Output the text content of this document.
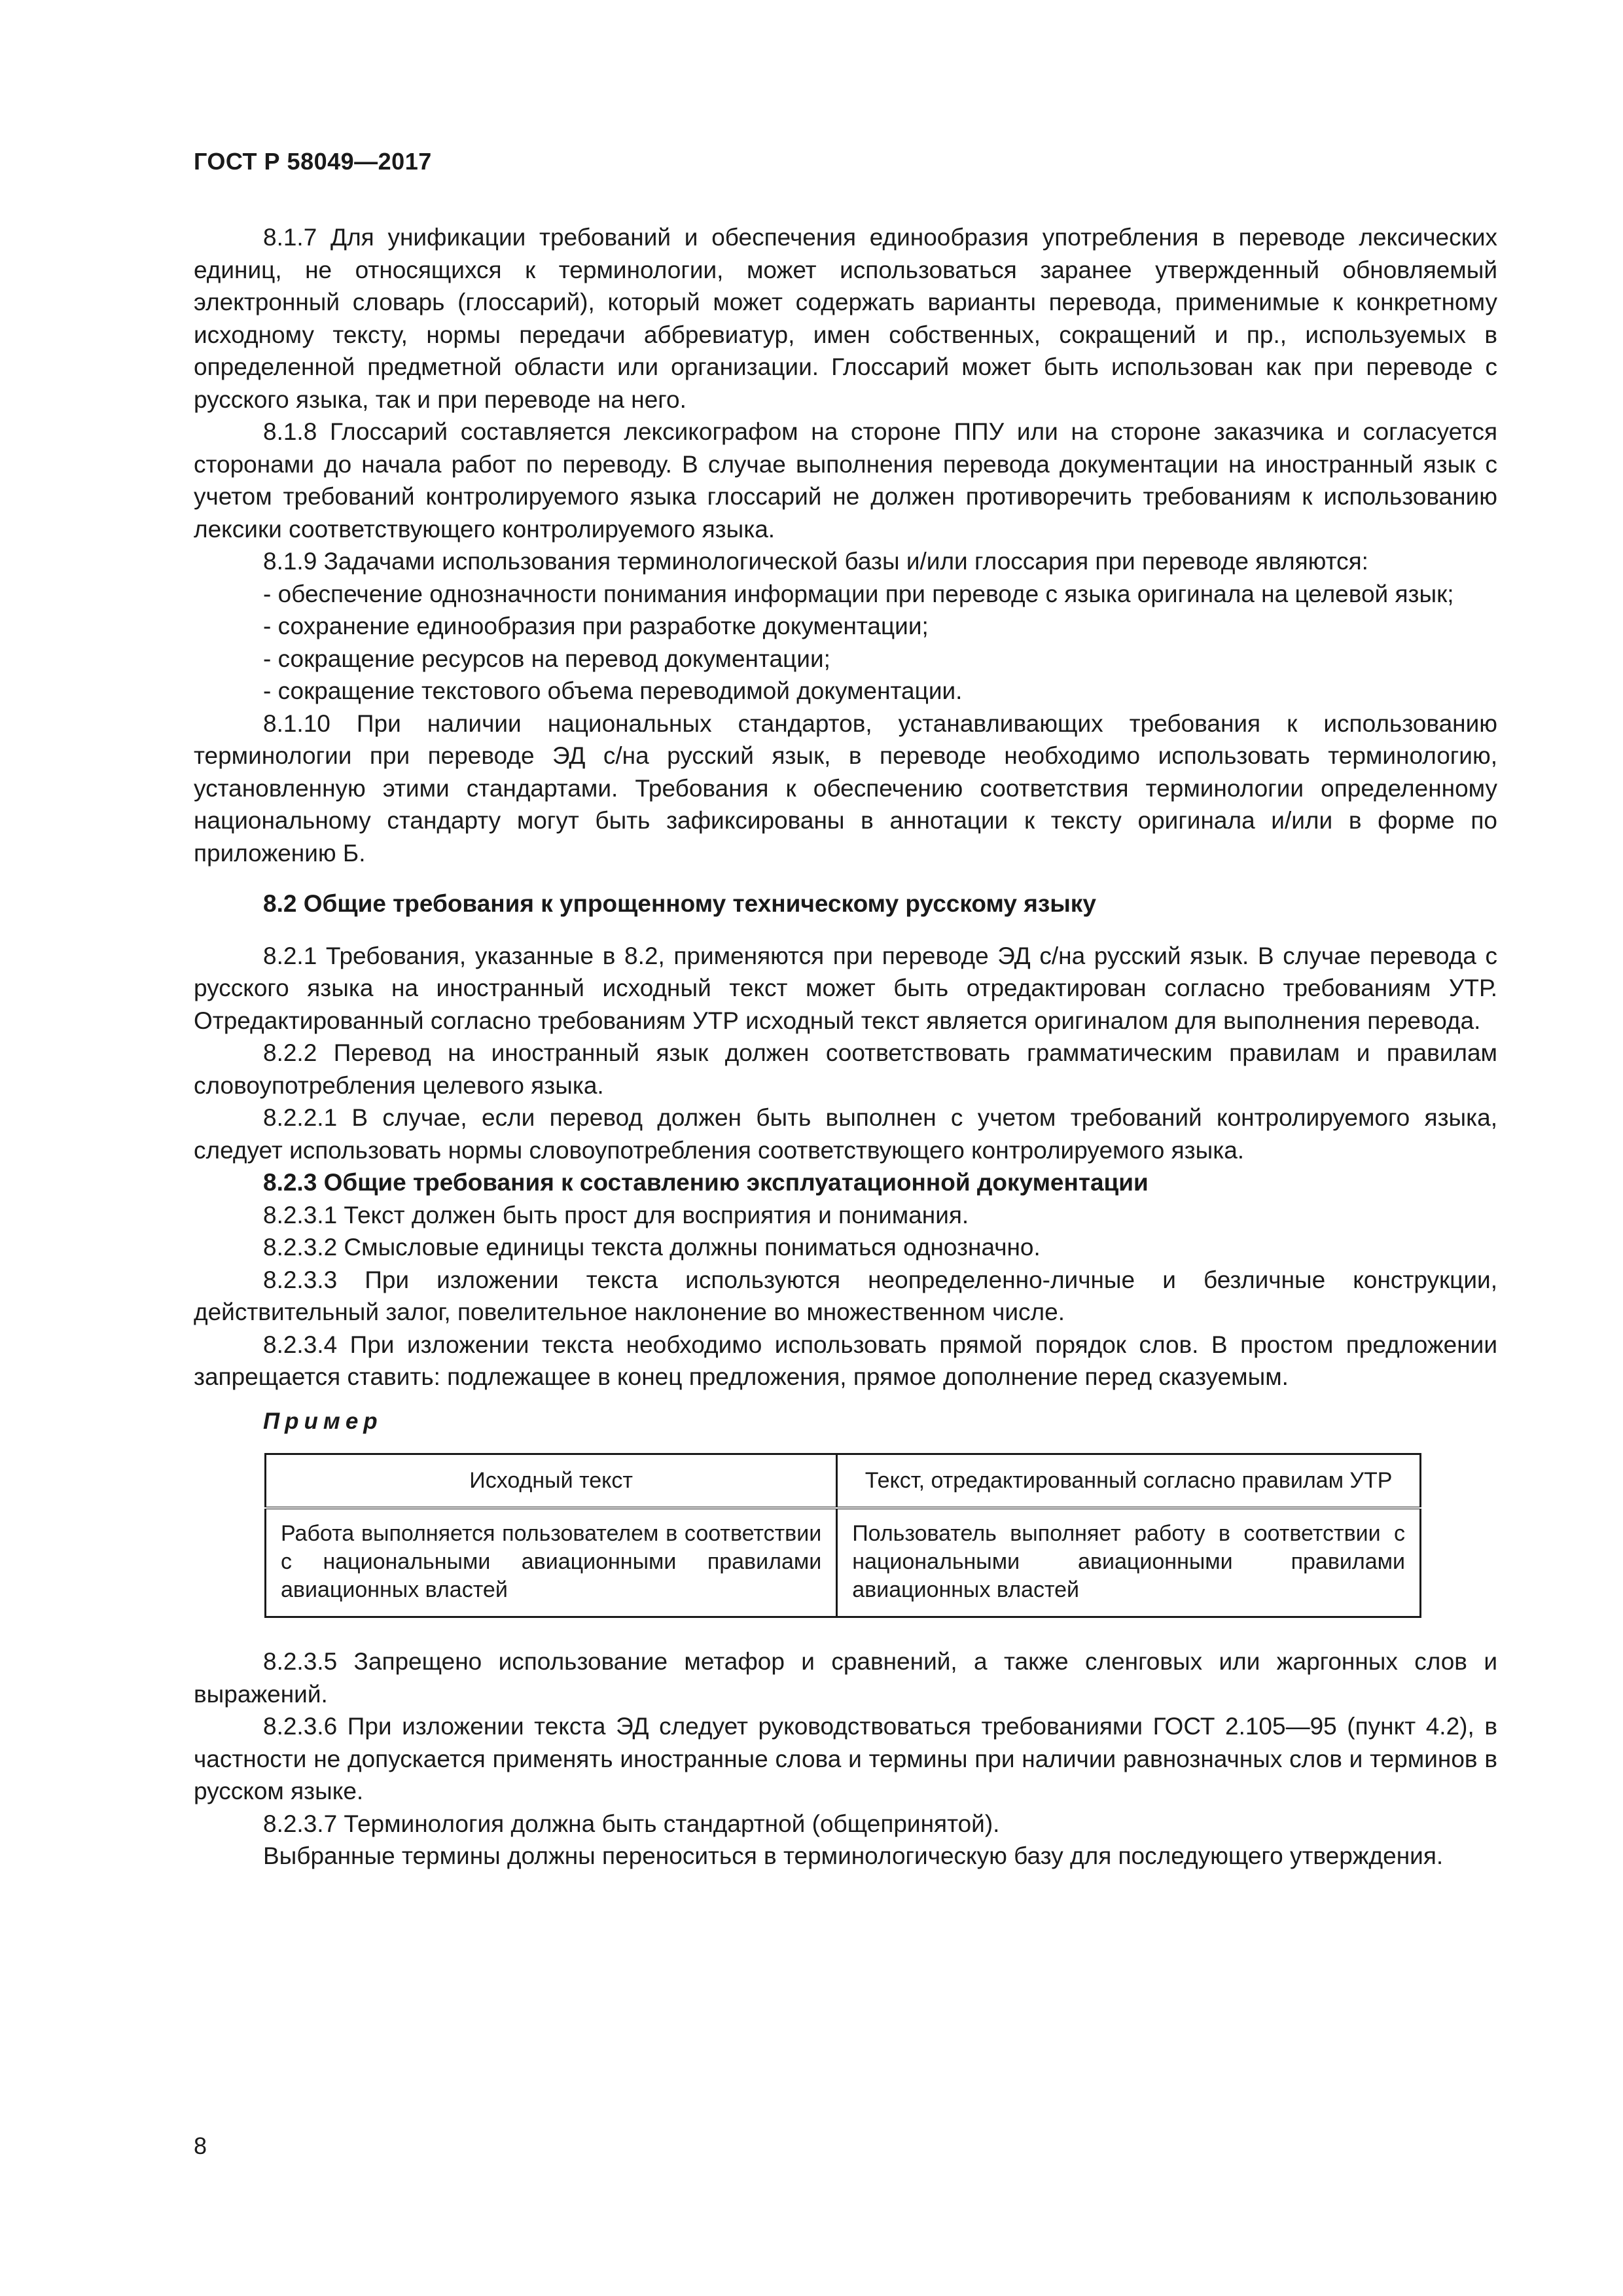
ГОСТ Р 58049—2017

8.1.7 Для унификации требований и обеспечения единообразия употребления в переводе лексических единиц, не относящихся к терминологии, может использоваться заранее утвержденный обновляемый электронный словарь (глоссарий), который может содержать варианты перевода, применимые к конкретному исходному тексту, нормы передачи аббревиатур, имен собственных, сокращений и пр., используемых в определенной предметной области или организации. Глоссарий может быть использован как при переводе с русского языка, так и при переводе на него.

8.1.8 Глоссарий составляется лексикографом на стороне ППУ или на стороне заказчика и согласуется сторонами до начала работ по переводу. В случае выполнения перевода документации на иностранный язык с учетом требований контролируемого языка глоссарий не должен противоречить требованиям к использованию лексики соответствующего контролируемого языка.

8.1.9 Задачами использования терминологической базы и/или глоссария при переводе являются:

- обеспечение однозначности понимания информации при переводе с языка оригинала на целевой язык;

- сохранение единообразия при разработке документации;

- сокращение ресурсов на перевод документации;

- сокращение текстового объема переводимой документации.

8.1.10 При наличии национальных стандартов, устанавливающих требования к использованию терминологии при переводе ЭД с/на русский язык, в переводе необходимо использовать терминологию, установленную этими стандартами. Требования к обеспечению соответствия терминологии определенному национальному стандарту могут быть зафиксированы в аннотации к тексту оригинала и/или в форме по приложению Б.

8.2 Общие требования к упрощенному техническому русскому языку

8.2.1 Требования, указанные в 8.2, применяются при переводе ЭД с/на русский язык. В случае перевода с русского языка на иностранный исходный текст может быть отредактирован согласно требованиям УТР. Отредактированный согласно требованиям УТР исходный текст является оригиналом для выполнения перевода.

8.2.2 Перевод на иностранный язык должен соответствовать грамматическим правилам и правилам словоупотребления целевого языка.

8.2.2.1 В случае, если перевод должен быть выполнен с учетом требований контролируемого языка, следует использовать нормы словоупотребления соответствующего контролируемого языка.

8.2.3 Общие требования к составлению эксплуатационной документации

8.2.3.1 Текст должен быть прост для восприятия и понимания.

8.2.3.2 Смысловые единицы текста должны пониматься однозначно.

8.2.3.3 При изложении текста используются неопределенно-личные и безличные конструкции, действительный залог, повелительное наклонение во множественном числе.

8.2.3.4 При изложении текста необходимо использовать прямой порядок слов. В простом предложении запрещается ставить: подлежащее в конец предложения, прямое дополнение перед сказуемым.

Пример
Исходный текст	Текст, отредактированный согласно правилам УТР
Работа выполняется пользователем в соответствии с национальными авиационными правилами авиационных властей	Пользователь выполняет работу в соответствии с национальными авиационными правилами авиационных властей

8.2.3.5 Запрещено использование метафор и сравнений, а также сленговых или жаргонных слов и выражений.

8.2.3.6 При изложении текста ЭД следует руководствоваться требованиями ГОСТ 2.105—95 (пункт 4.2), в частности не допускается применять иностранные слова и термины при наличии равнозначных слов и терминов в русском языке.

8.2.3.7 Терминология должна быть стандартной (общепринятой).

Выбранные термины должны переноситься в терминологическую базу для последующего утверждения.

8
